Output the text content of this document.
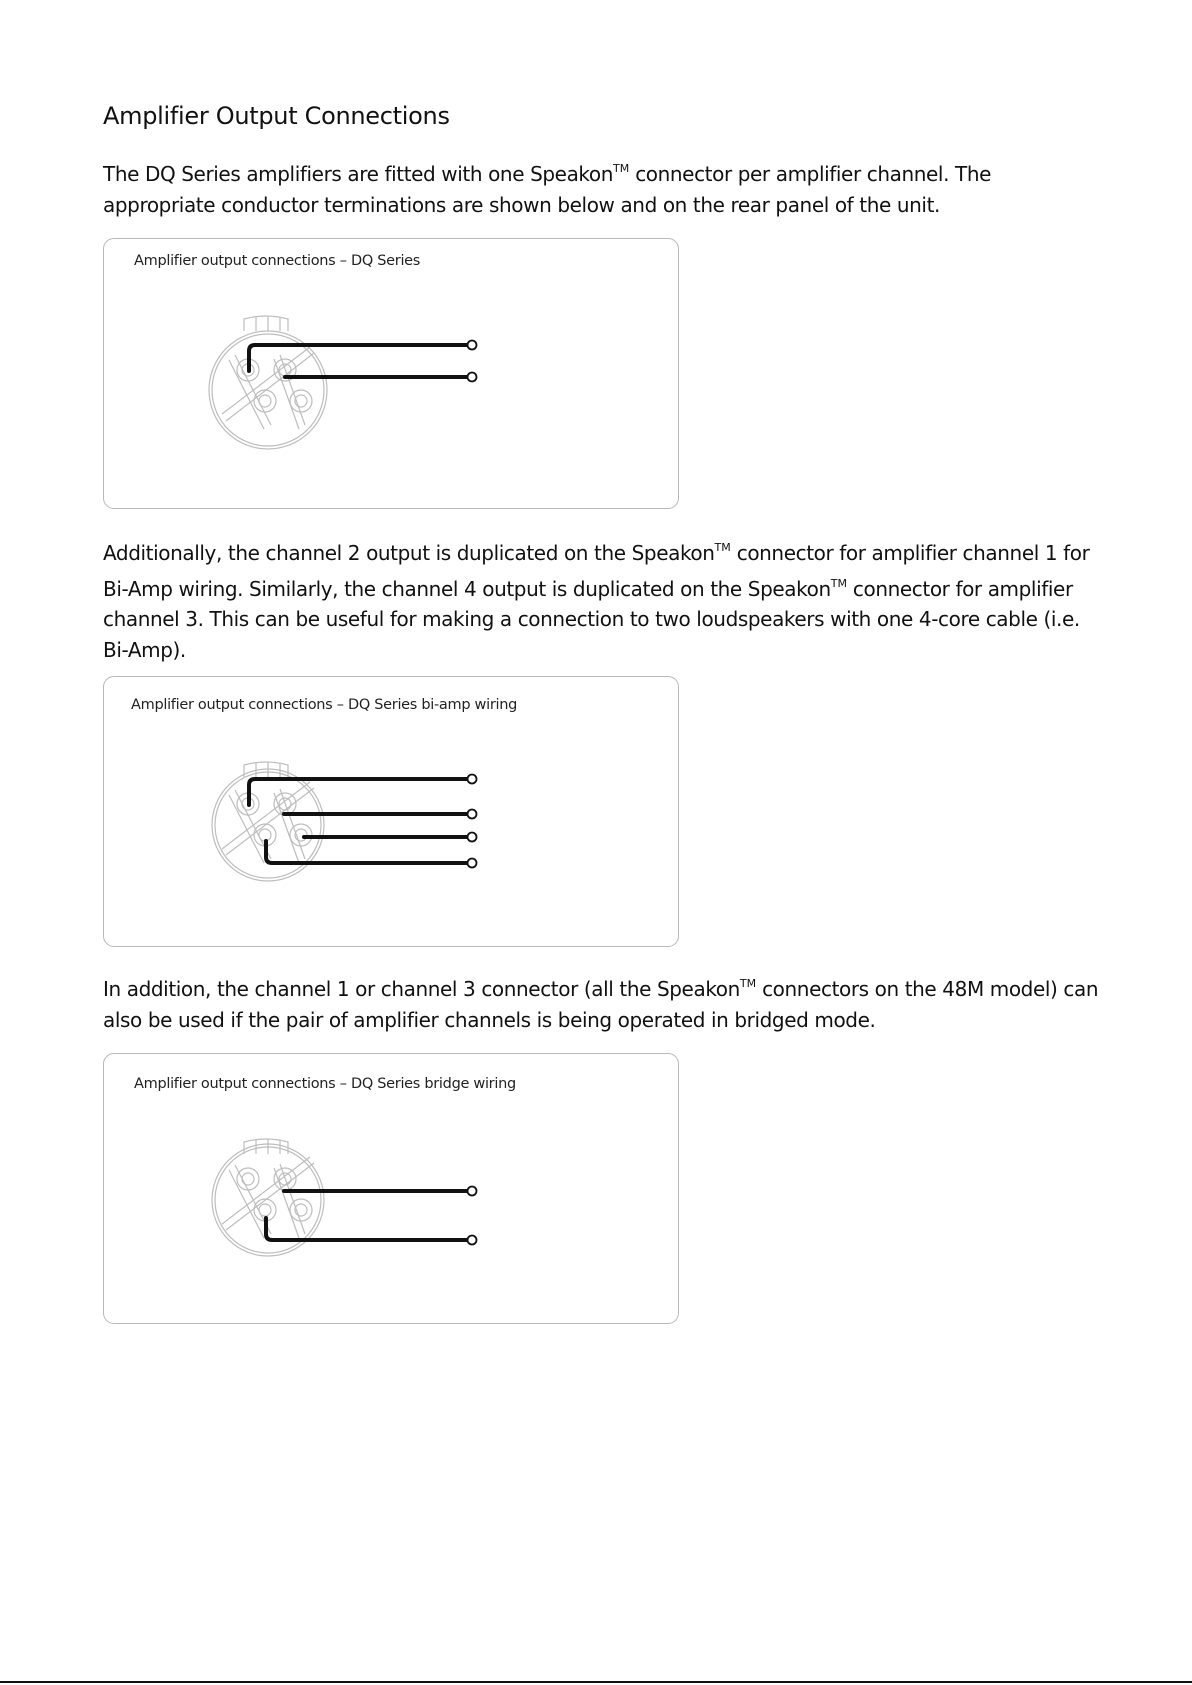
Amplifier Output Connections

The DQ Series amplifiers are fitted with one Speakon™ connector per amplifier channel. The appropriate conductor terminations are shown below and on the rear panel of the unit.

Amplifier output connections – DQ Series

Additionally, the channel 2 output is duplicated on the Speakon™ connector for amplifier channel 1 for Bi-Amp wiring. Similarly, the channel 4 output is duplicated on the Speakon™ connector for amplifier channel 3. This can be useful for making a connection to two loudspeakers with one 4-core cable (i.e. Bi-Amp).

Amplifier output connections – DQ Series bi-amp wiring

In addition, the channel 1 or channel 3 connector (all the Speakon™ connectors on the 48M model) can also be used if the pair of amplifier channels is being operated in bridged mode.

Amplifier output connections – DQ Series bridge wiring
